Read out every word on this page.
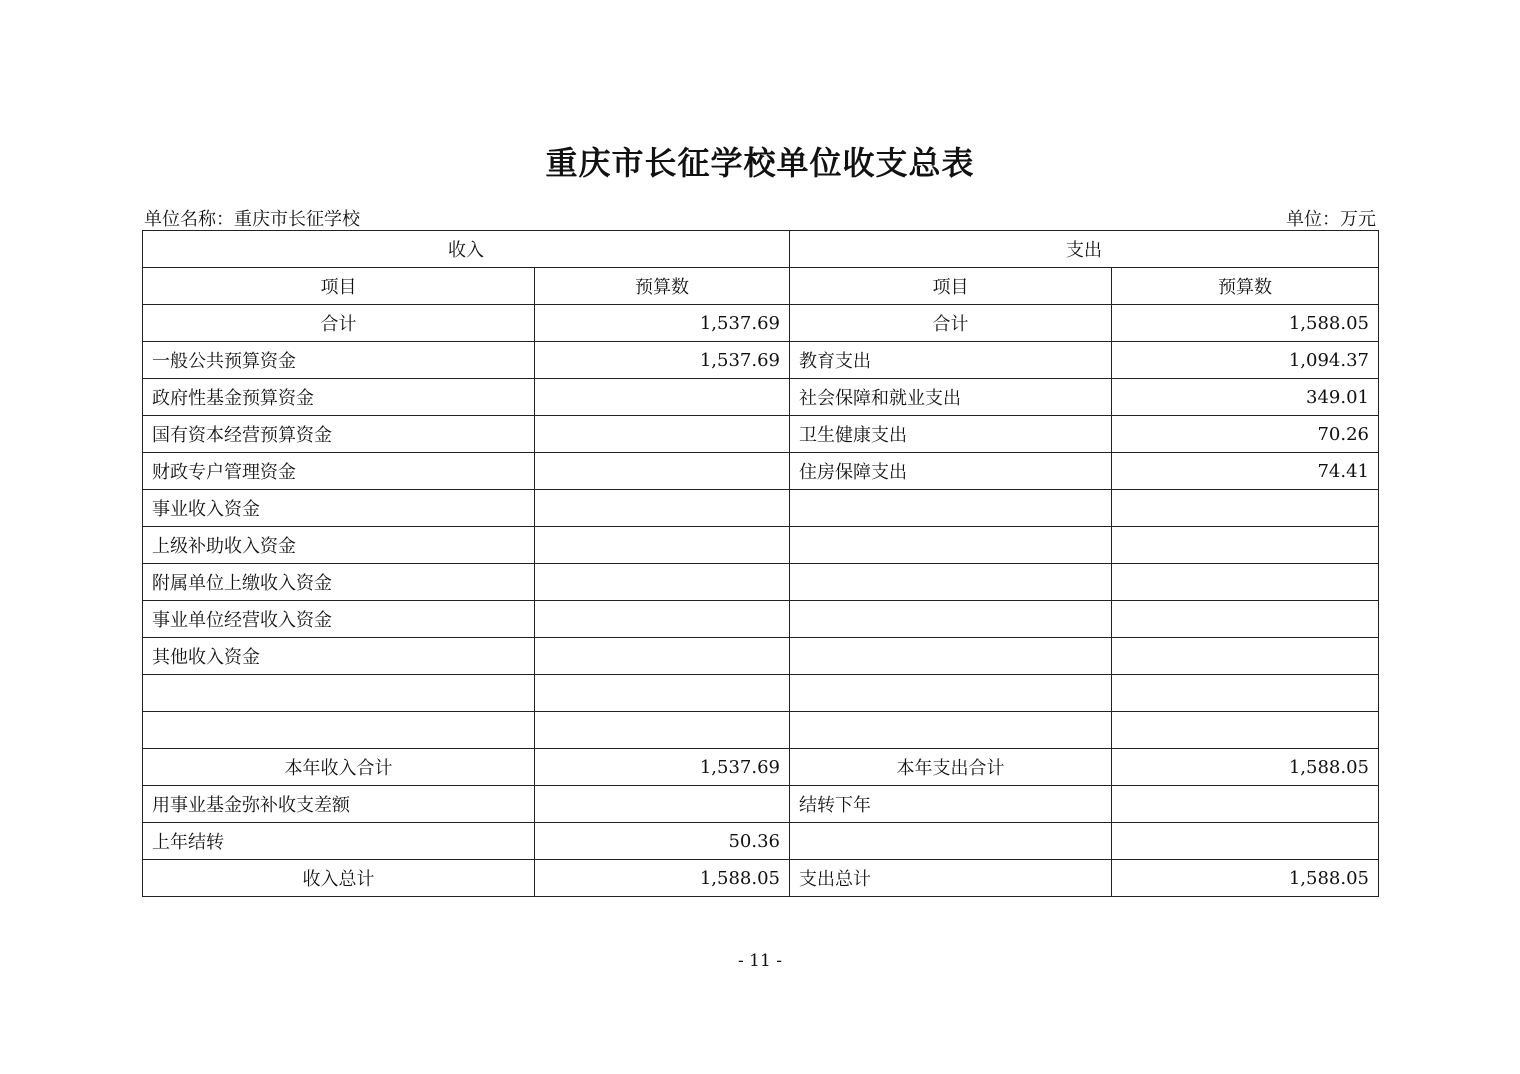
重庆市长征学校单位收支总表
单位名称：重庆市长征学校	单位：万元
收入		支出	
项目	预算数	项目	预算数
合计	1,537.69	合计	1,588.05
一般公共预算资金	1,537.69	教育支出	1,094.37
政府性基金预算资金		社会保障和就业支出	349.01
国有资本经营预算资金		卫生健康支出	70.26
财政专户管理资金		住房保障支出	74.41
事业收入资金			
上级补助收入资金			
附属单位上缴收入资金			
事业单位经营收入资金			
其他收入资金			

本年收入合计	1,537.69	本年支出合计	1,588.05
用事业基金弥补收支差额		结转下年	
上年结转	50.36		
收入总计	1,588.05	支出总计	1,588.05
- 11 -
